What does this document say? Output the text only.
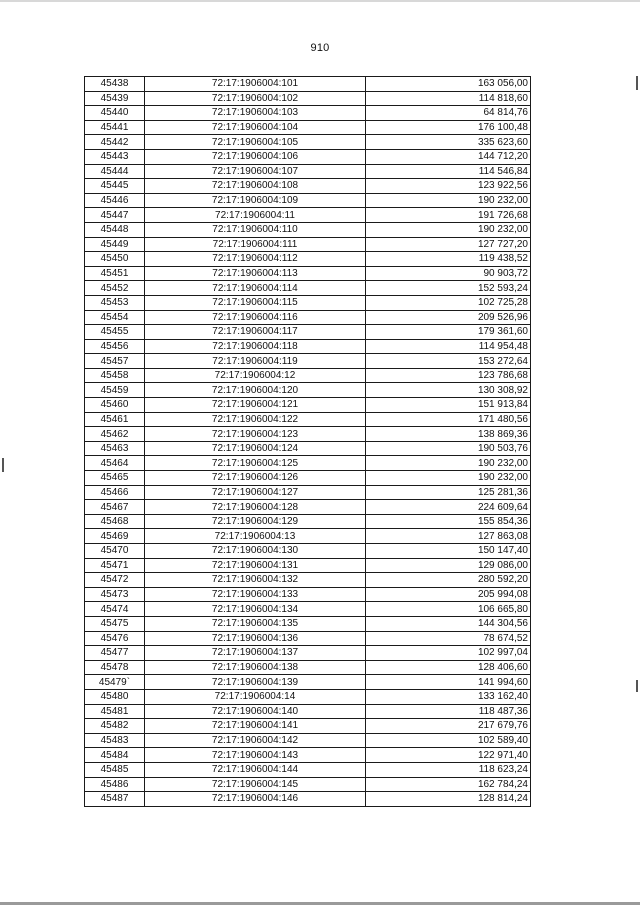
910
45438	72:17:1906004:101	163 056,00
45439	72:17:1906004:102	114 818,60
45440	72:17:1906004:103	64 814,76
45441	72:17:1906004:104	176 100,48
45442	72:17:1906004:105	335 623,60
45443	72:17:1906004:106	144 712,20
45444	72:17:1906004:107	114 546,84
45445	72:17:1906004:108	123 922,56
45446	72:17:1906004:109	190 232,00
45447	72:17:1906004:11	191 726,68
45448	72:17:1906004:110	190 232,00
45449	72:17:1906004:111	127 727,20
45450	72:17:1906004:112	119 438,52
45451	72:17:1906004:113	90 903,72
45452	72:17:1906004:114	152 593,24
45453	72:17:1906004:115	102 725,28
45454	72:17:1906004:116	209 526,96
45455	72:17:1906004:117	179 361,60
45456	72:17:1906004:118	114 954,48
45457	72:17:1906004:119	153 272,64
45458	72:17:1906004:12	123 786,68
45459	72:17:1906004:120	130 308,92
45460	72:17:1906004:121	151 913,84
45461	72:17:1906004:122	171 480,56
45462	72:17:1906004:123	138 869,36
45463	72:17:1906004:124	190 503,76
45464	72:17:1906004:125	190 232,00
45465	72:17:1906004:126	190 232,00
45466	72:17:1906004:127	125 281,36
45467	72:17:1906004:128	224 609,64
45468	72:17:1906004:129	155 854,36
45469	72:17:1906004:13	127 863,08
45470	72:17:1906004:130	150 147,40
45471	72:17:1906004:131	129 086,00
45472	72:17:1906004:132	280 592,20
45473	72:17:1906004:133	205 994,08
45474	72:17:1906004:134	106 665,80
45475	72:17:1906004:135	144 304,56
45476	72:17:1906004:136	78 674,52
45477	72:17:1906004:137	102 997,04
45478	72:17:1906004:138	128 406,60
45479`	72:17:1906004:139	141 994,60
45480	72:17:1906004:14	133 162,40
45481	72:17:1906004:140	118 487,36
45482	72:17:1906004:141	217 679,76
45483	72:17:1906004:142	102 589,40
45484	72:17:1906004:143	122 971,40
45485	72:17:1906004:144	118 623,24
45486	72:17:1906004:145	162 784,24
45487	72:17:1906004:146	128 814,24
